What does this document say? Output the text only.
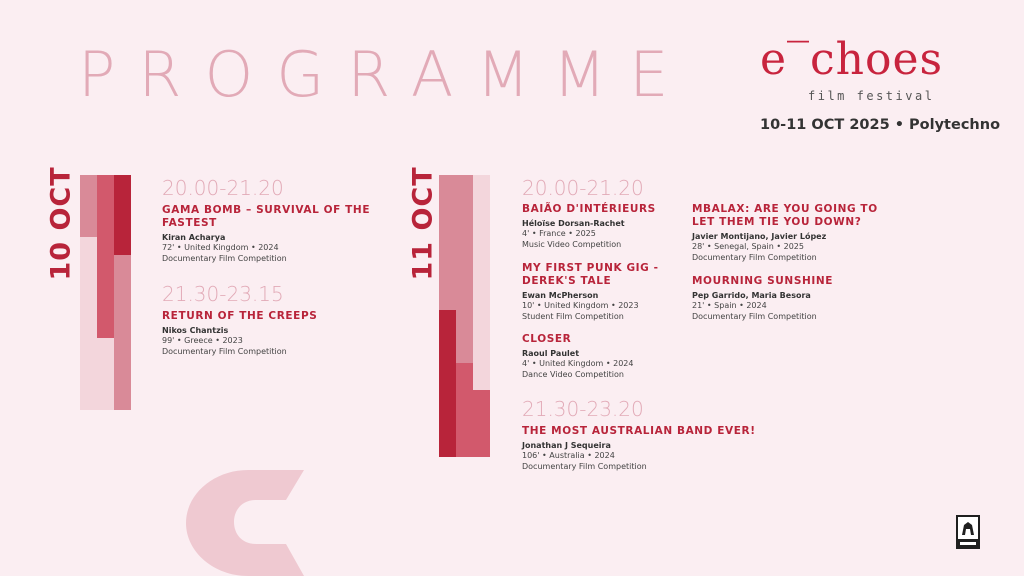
PROGRAMME e‾choes
film festival
10-11 OCT 2025 • Polytechno
10 OCT	20.00-21.20
GAMA BOMB – SURVIVAL OF THE FASTEST
Kiran Acharya
72' • United Kingdom • 2024
Documentary Film Competition
21.30-23.15
RETURN OF THE CREEPS
Nikos Chantzis
99' • Greece • 2023
Documentary Film Competition
11 OCT	20.00-21.20
BAIÃO D'INTÉRIEURS
Héloïse Dorsan-Rachet
4' • France • 2025
Music Video Competition
MY FIRST PUNK GIG - DEREK'S TALE
Ewan McPherson
10' • United Kingdom • 2023
Student Film Competition
CLOSER
Raoul Paulet
4' • United Kingdom • 2024
Dance Video Competition
MBALAX: ARE YOU GOING TO LET THEM TIE YOU DOWN?
Javier Montijano, Javier López
28' • Senegal, Spain • 2025
Documentary Film Competition
MOURNING SUNSHINE
Pep Garrido, Maria Besora
21' • Spain • 2024
Documentary Film Competition
21.30-23.20
THE MOST AUSTRALIAN BAND EVER!
Jonathan J Sequeira
106' • Australia • 2024
Documentary Film Competition
